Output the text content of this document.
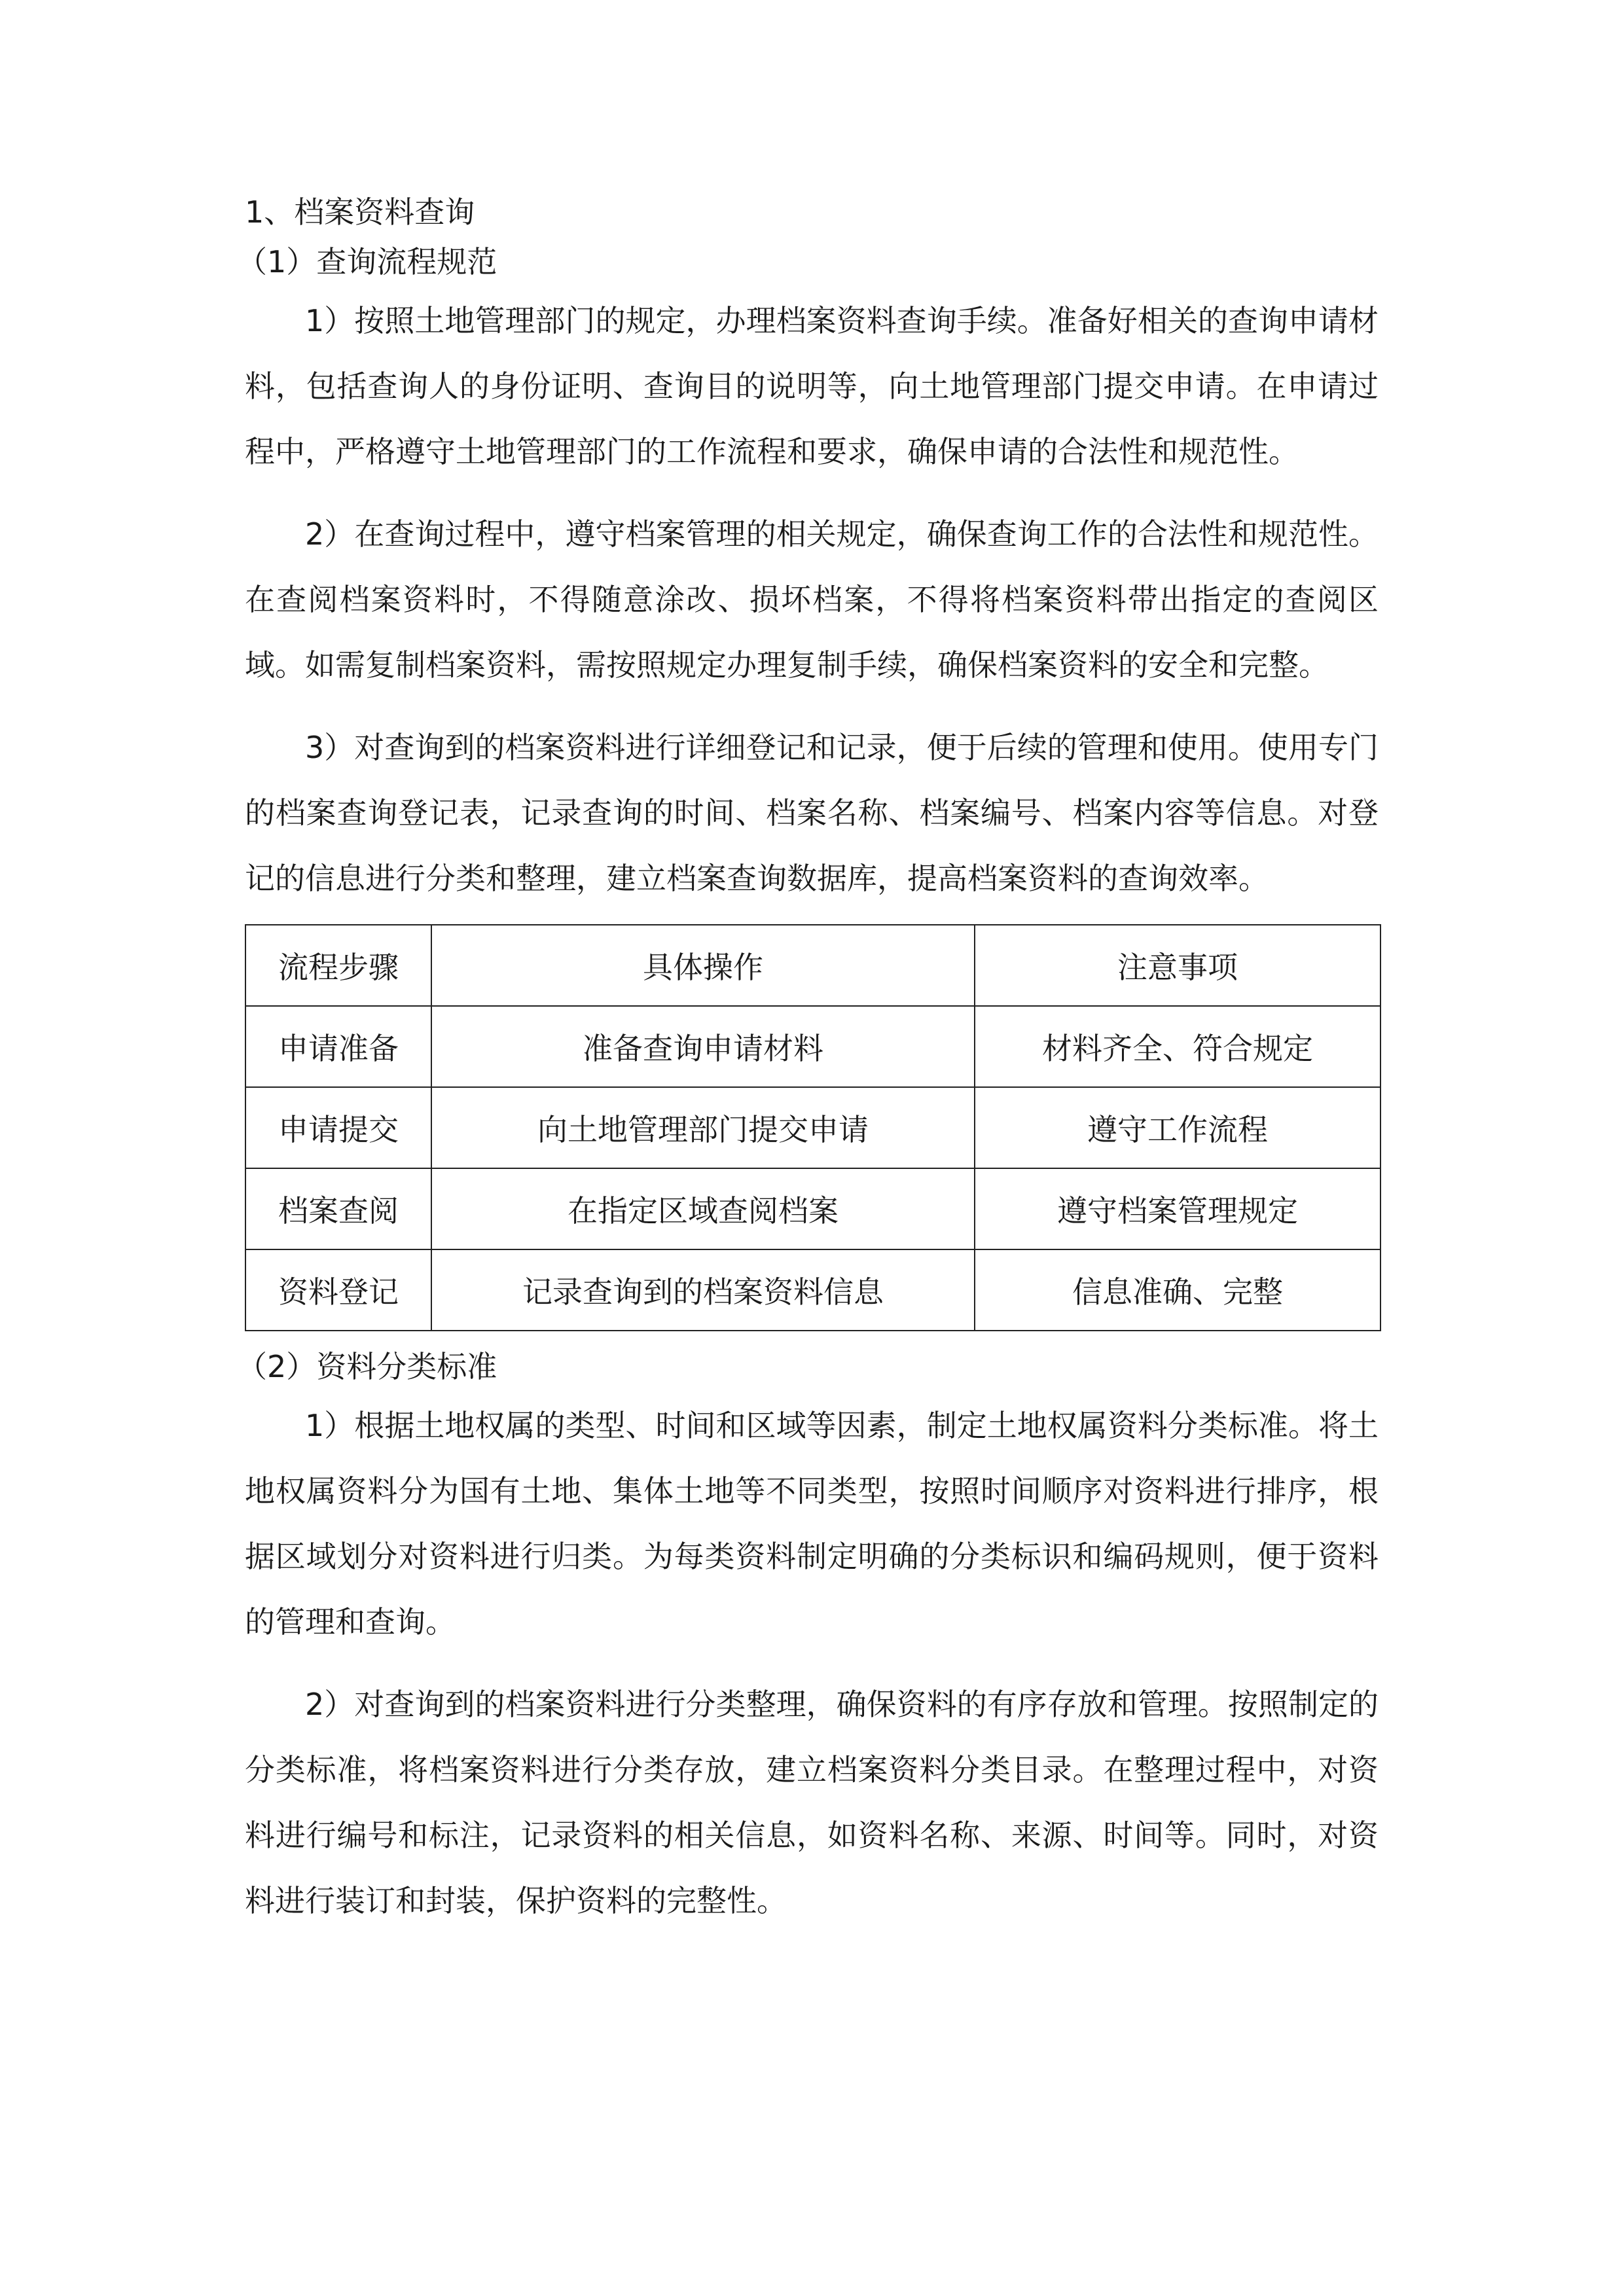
1、档案资料查询

（1）查询流程规范

1）按照土地管理部门的规定，办理档案资料查询手续。准备好相关的查询申请材料，包括查询人的身份证明、查询目的说明等，向土地管理部门提交申请。在申请过程中，严格遵守土地管理部门的工作流程和要求，确保申请的合法性和规范性。

2）在查询过程中，遵守档案管理的相关规定，确保查询工作的合法性和规范性。在查阅档案资料时，不得随意涂改、损坏档案，不得将档案资料带出指定的查阅区域。如需复制档案资料，需按照规定办理复制手续，确保档案资料的安全和完整。

3）对查询到的档案资料进行详细登记和记录，便于后续的管理和使用。使用专门的档案查询登记表，记录查询的时间、档案名称、档案编号、档案内容等信息。对登记的信息进行分类和整理，建立档案查询数据库，提高档案资料的查询效率。

流程步骤	具体操作	注意事项
申请准备	准备查询申请材料	材料齐全、符合规定
申请提交	向土地管理部门提交申请	遵守工作流程
档案查阅	在指定区域查阅档案	遵守档案管理规定
资料登记	记录查询到的档案资料信息	信息准确、完整

（2）资料分类标准

1）根据土地权属的类型、时间和区域等因素，制定土地权属资料分类标准。将土地权属资料分为国有土地、集体土地等不同类型，按照时间顺序对资料进行排序，根据区域划分对资料进行归类。为每类资料制定明确的分类标识和编码规则，便于资料的管理和查询。

2）对查询到的档案资料进行分类整理，确保资料的有序存放和管理。按照制定的分类标准，将档案资料进行分类存放，建立档案资料分类目录。在整理过程中，对资料进行编号和标注，记录资料的相关信息，如资料名称、来源、时间等。同时，对资料进行装订和封装，保护资料的完整性。
